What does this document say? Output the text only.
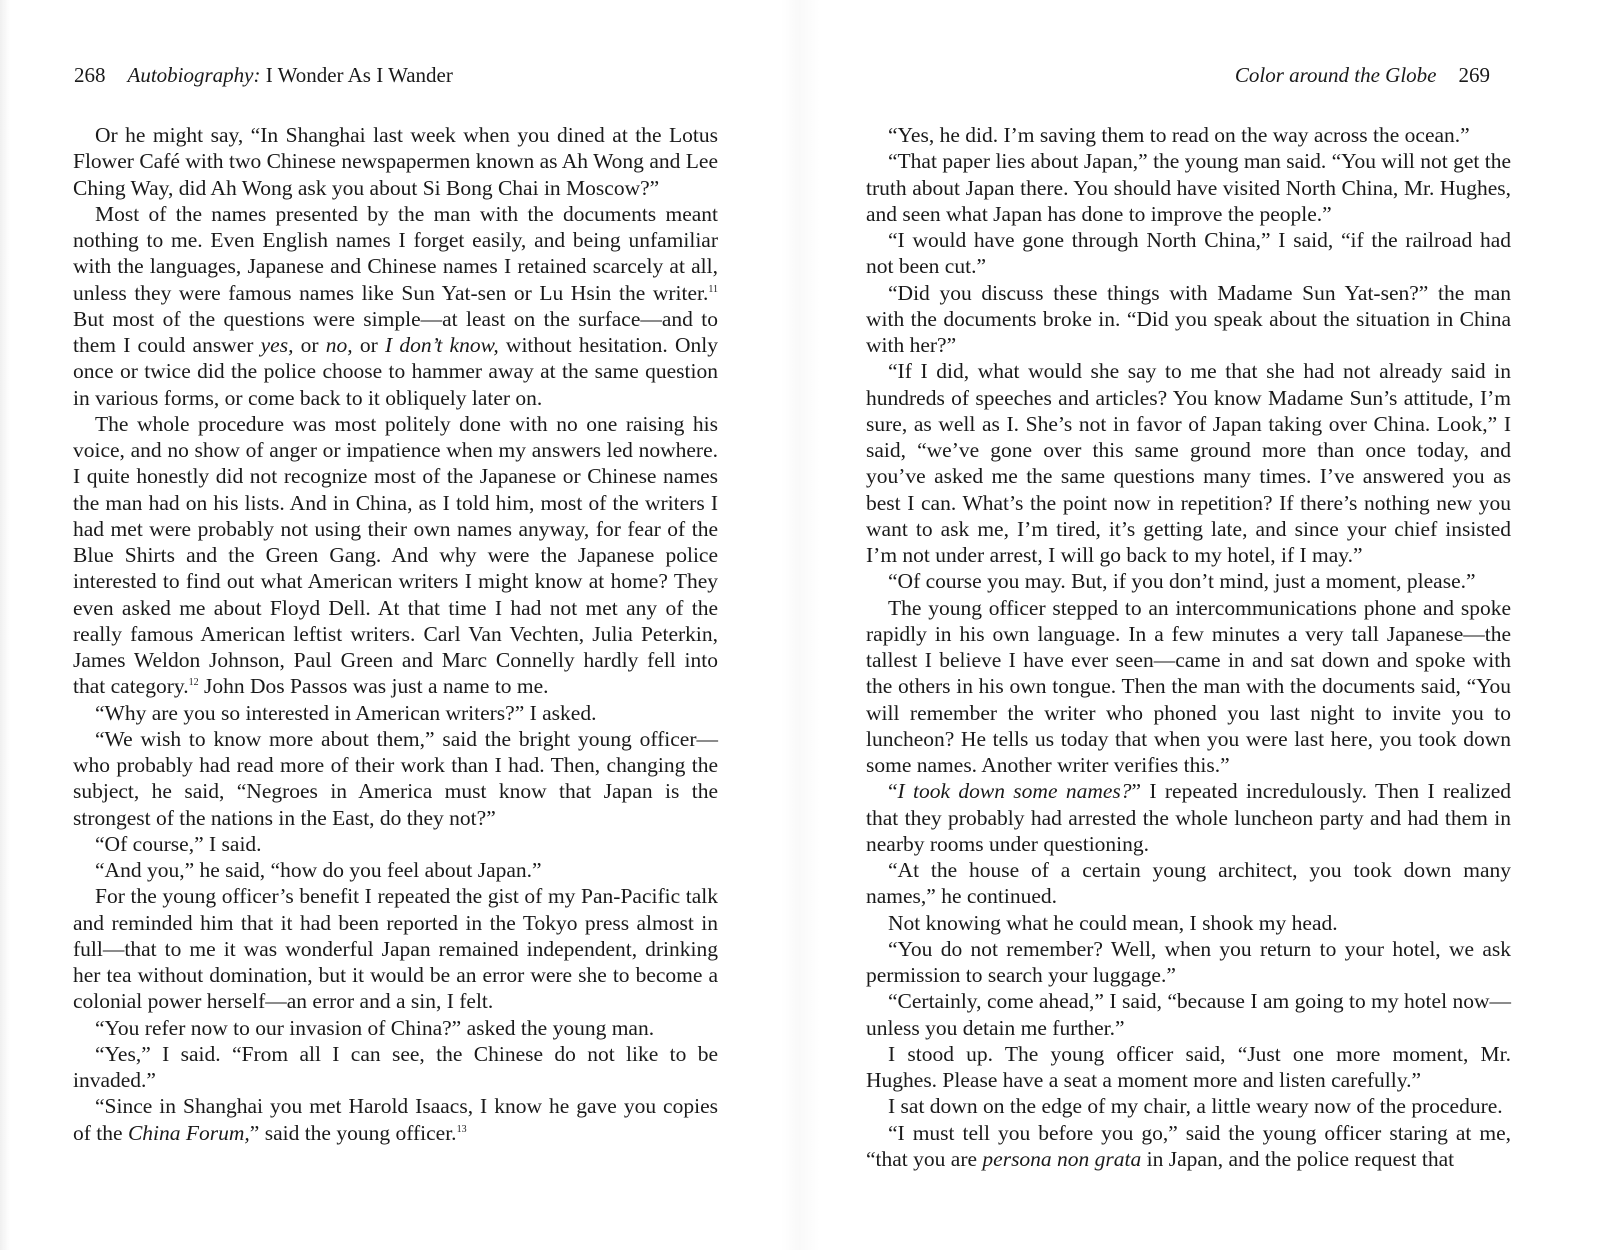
268 Autobiography: I Wonder As I Wander

Or he might say, “In Shanghai last week when you dined at the Lotus Flower Café with two Chinese newspapermen known as Ah Wong and Lee Ching Way, did Ah Wong ask you about Si Bong Chai in Moscow?”

Most of the names presented by the man with the documents meant nothing to me. Even English names I forget easily, and being unfamiliar with the languages, Japanese and Chinese names I retained scarcely at all, unless they were famous names like Sun Yat-sen or Lu Hsin the writer.$^{11}$ But most of the questions were simple—at least on the surface—and to them I could answer yes, or no, or I don’t know, without hesitation. Only once or twice did the police choose to hammer away at the same question in various forms, or come back to it obliquely later on.

The whole procedure was most politely done with no one raising his voice, and no show of anger or impatience when my answers led nowhere. I quite honestly did not recognize most of the Japanese or Chinese names the man had on his lists. And in China, as I told him, most of the writers I had met were probably not using their own names anyway, for fear of the Blue Shirts and the Green Gang. And why were the Japanese police interested to find out what American writers I might know at home? They even asked me about Floyd Dell. At that time I had not met any of the really famous American leftist writers. Carl Van Vechten, Julia Peterkin, James Weldon Johnson, Paul Green and Marc Connelly hardly fell into that category.$^{12}$ John Dos Passos was just a name to me.

“Why are you so interested in American writers?” I asked.

“We wish to know more about them,” said the bright young officer—who probably had read more of their work than I had. Then, changing the subject, he said, “Negroes in America must know that Japan is the strongest of the nations in the East, do they not?”

“Of course,” I said.

“And you,” he said, “how do you feel about Japan.”

For the young officer’s benefit I repeated the gist of my Pan-Pacific talk and reminded him that it had been reported in the Tokyo press almost in full—that to me it was wonderful Japan remained independent, drinking her tea without domination, but it would be an error were she to become a colonial power herself—an error and a sin, I felt.

“You refer now to our invasion of China?” asked the young man.

“Yes,” I said. “From all I can see, the Chinese do not like to be invaded.”

“Since in Shanghai you met Harold Isaacs, I know he gave you copies of the China Forum,” said the young officer.$^{13}$

Color around the Globe 269

“Yes, he did. I’m saving them to read on the way across the ocean.”

“That paper lies about Japan,” the young man said. “You will not get the truth about Japan there. You should have visited North China, Mr. Hughes, and seen what Japan has done to improve the people.”

“I would have gone through North China,” I said, “if the railroad had not been cut.”

“Did you discuss these things with Madame Sun Yat-sen?” the man with the documents broke in. “Did you speak about the situation in China with her?”

“If I did, what would she say to me that she had not already said in hundreds of speeches and articles? You know Madame Sun’s attitude, I’m sure, as well as I. She’s not in favor of Japan taking over China. Look,” I said, “we’ve gone over this same ground more than once today, and you’ve asked me the same questions many times. I’ve answered you as best I can. What’s the point now in repetition? If there’s nothing new you want to ask me, I’m tired, it’s getting late, and since your chief insisted I’m not under arrest, I will go back to my hotel, if I may.”

“Of course you may. But, if you don’t mind, just a moment, please.”

The young officer stepped to an intercommunications phone and spoke rapidly in his own language. In a few minutes a very tall Japanese—the tallest I believe I have ever seen—came in and sat down and spoke with the others in his own tongue. Then the man with the documents said, “You will remember the writer who phoned you last night to invite you to luncheon? He tells us today that when you were last here, you took down some names. Another writer verifies this.”

“I took down some names?” I repeated incredulously. Then I realized that they probably had arrested the whole luncheon party and had them in nearby rooms under questioning.

“At the house of a certain young architect, you took down many names,” he continued.

Not knowing what he could mean, I shook my head.

“You do not remember? Well, when you return to your hotel, we ask permission to search your luggage.”

“Certainly, come ahead,” I said, “because I am going to my hotel now—unless you detain me further.”

I stood up. The young officer said, “Just one more moment, Mr. Hughes. Please have a seat a moment more and listen carefully.”

I sat down on the edge of my chair, a little weary now of the procedure.

“I must tell you before you go,” said the young officer staring at me, “that you are persona non grata in Japan, and the police request that
